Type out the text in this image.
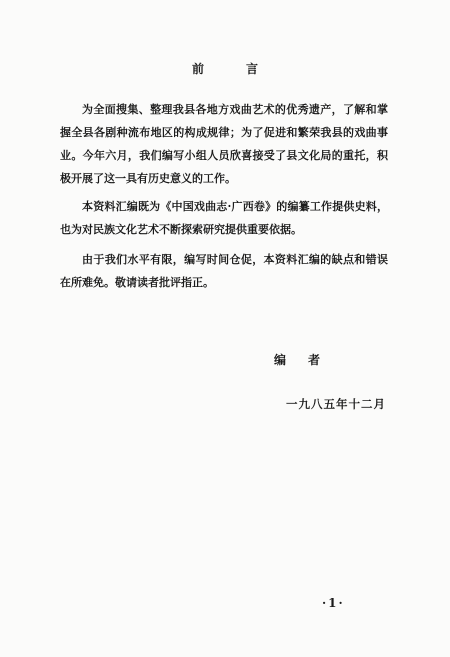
前言

为全面搜集、整理我县各地方戏曲艺术的优秀遗产，了解和掌握全县各剧种流布地区的构成规律；为了促进和繁荣我县的戏曲事业。今年六月，我们编写小组人员欣喜接受了县文化局的重托，积极开展了这一具有历史意义的工作。

本资料汇编既为《中国戏曲志·广西卷》的编纂工作提供史料，也为对民族文化艺术不断探索研究提供重要依据。

由于我们水平有限，编写时间仓促，本资料汇编的缺点和错误在所难免。敬请读者批评指正。

编者
一九八五年十二月
·1·
